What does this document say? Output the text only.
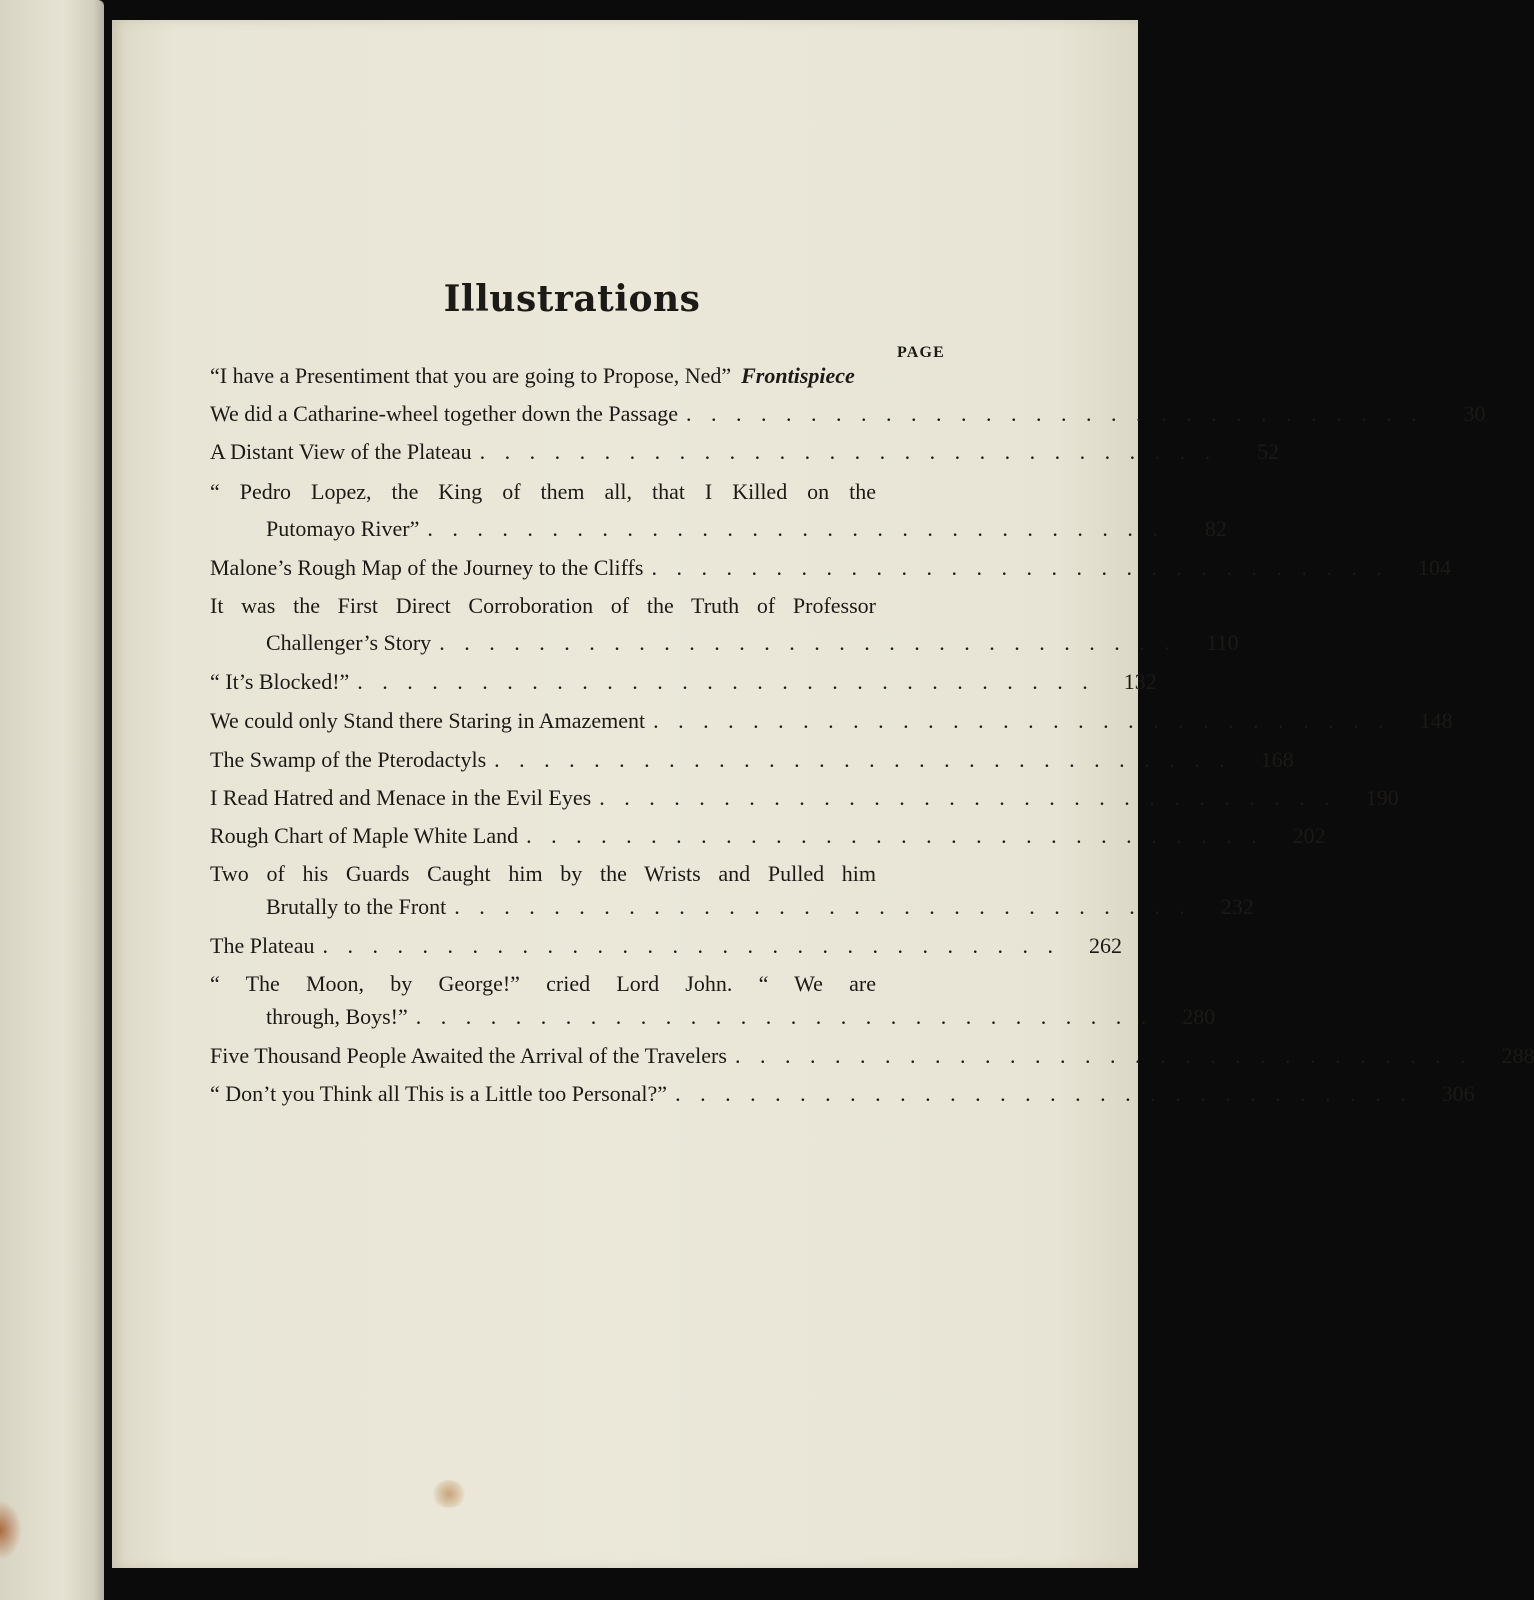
Illustrations
PAGE
“I have a Presentiment that you are going to Propose, Ned” Frontispiece
We did a Catharine-wheel together down the Passage . . . . . . . . . . . . . . . . . . . . . . . . . . . . . .	30
A Distant View of the Plateau . . . . . . . . . . . . . . . . . . . . . . . . . . . . . .	52
“ Pedro Lopez, the King of them all, that I Killed on the
Putomayo River” . . . . . . . . . . . . . . . . . . . . . . . . . . . . . .	82
Malone’s Rough Map of the Journey to the Cliffs . . . . . . . . . . . . . . . . . . . . . . . . . . . . . .	104
It was the First Direct Corroboration of the Truth of Professor
Challenger’s Story . . . . . . . . . . . . . . . . . . . . . . . . . . . . . .	110
“ It’s Blocked!” . . . . . . . . . . . . . . . . . . . . . . . . . . . . . .	132
We could only Stand there Staring in Amazement . . . . . . . . . . . . . . . . . . . . . . . . . . . . . .	148
The Swamp of the Pterodactyls . . . . . . . . . . . . . . . . . . . . . . . . . . . . . .	168
I Read Hatred and Menace in the Evil Eyes . . . . . . . . . . . . . . . . . . . . . . . . . . . . . .	190
Rough Chart of Maple White Land . . . . . . . . . . . . . . . . . . . . . . . . . . . . . .	202
Two of his Guards Caught him by the Wrists and Pulled him
Brutally to the Front . . . . . . . . . . . . . . . . . . . . . . . . . . . . . .	232
The Plateau . . . . . . . . . . . . . . . . . . . . . . . . . . . . . .	262
“ The Moon, by George!” cried Lord John. “ We are
through, Boys!” . . . . . . . . . . . . . . . . . . . . . . . . . . . . . .	280
Five Thousand People Awaited the Arrival of the Travelers . . . . . . . . . . . . . . . . . . . . . . . . . . . . . .	288
“ Don’t you Think all This is a Little too Personal?” . . . . . . . . . . . . . . . . . . . . . . . . . . . . . .	306
